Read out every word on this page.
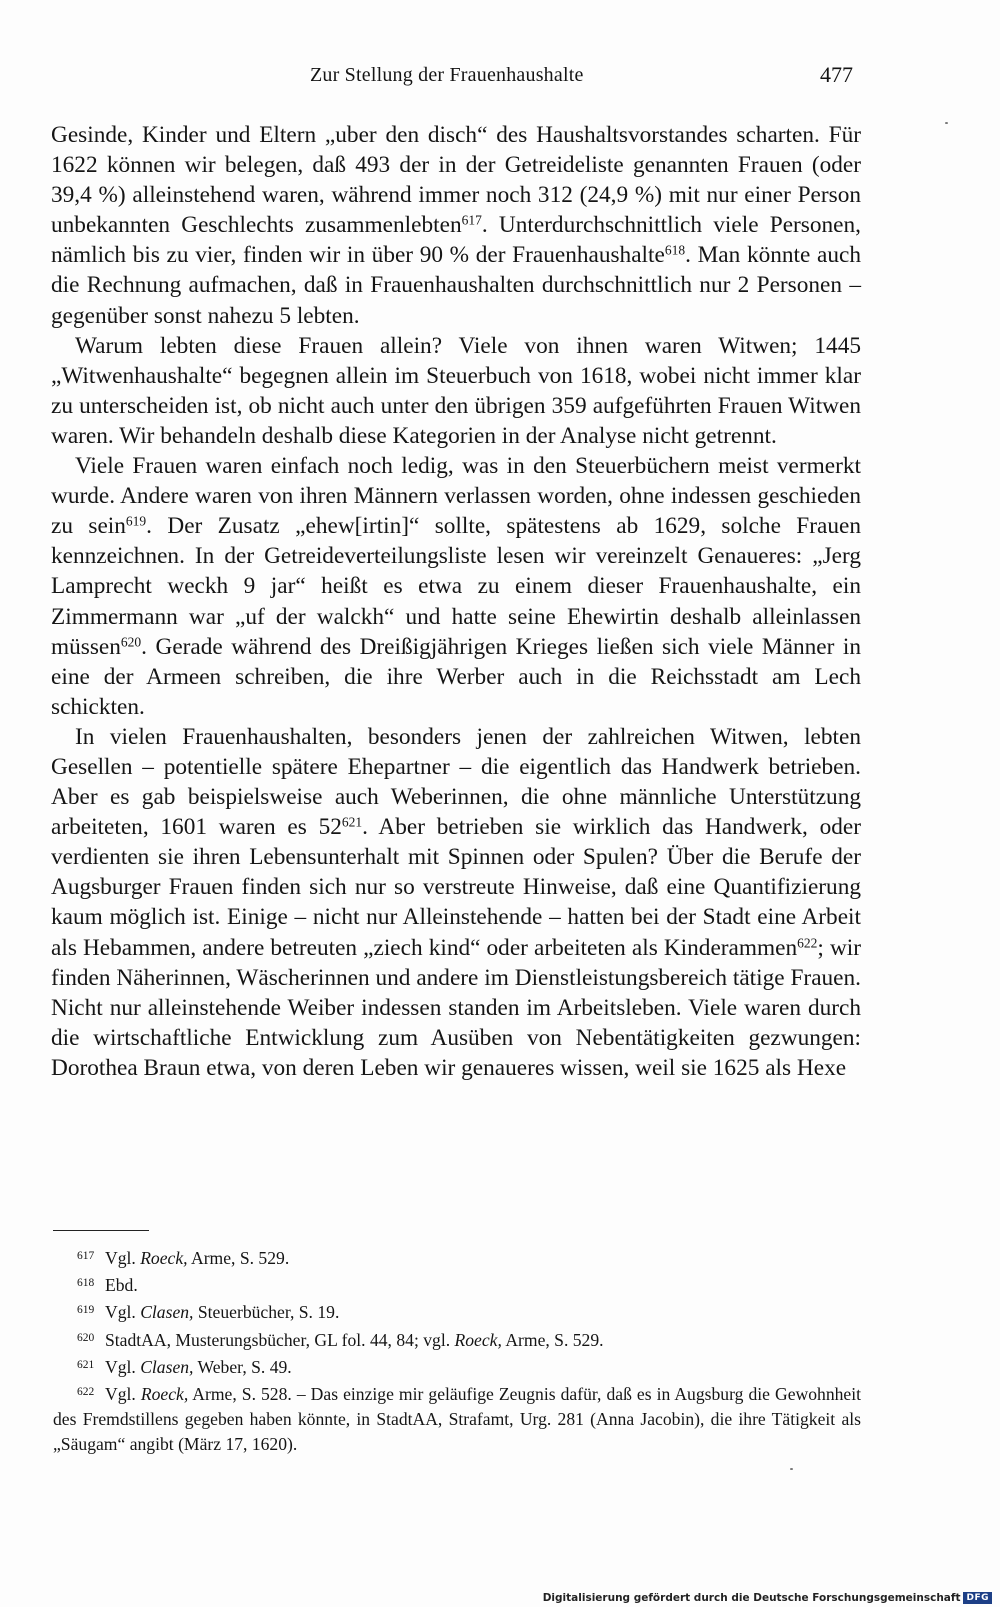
Zur Stellung der Frauenhaushalte	477

Gesinde, Kinder und Eltern „uber den disch“ des Haushaltsvorstandes scharten. Für 1622 können wir belegen, daß 493 der in der Getreideliste genannten Frauen (oder 39,4 %) alleinstehend waren, während immer noch 312 (24,9 %) mit nur einer Person unbekannten Geschlechts zusammenlebten$^{617}$. Unterdurchschnittlich viele Personen, nämlich bis zu vier, finden wir in über 90 % der Frauenhaushalte$^{618}$. Man könnte auch die Rechnung aufmachen, daß in Frauenhaushalten durchschnittlich nur 2 Personen – gegenüber sonst nahezu 5 lebten.

Warum lebten diese Frauen allein? Viele von ihnen waren Witwen; 1445 „Witwenhaushalte“ begegnen allein im Steuerbuch von 1618, wobei nicht immer klar zu unterscheiden ist, ob nicht auch unter den übrigen 359 aufgeführten Frauen Witwen waren. Wir behandeln deshalb diese Kategorien in der Analyse nicht getrennt.

Viele Frauen waren einfach noch ledig, was in den Steuerbüchern meist vermerkt wurde. Andere waren von ihren Männern verlassen worden, ohne indessen geschieden zu sein$^{619}$. Der Zusatz „ehew[irtin]“ sollte, spätestens ab 1629, solche Frauen kennzeichnen. In der Getreideverteilungsliste lesen wir vereinzelt Genaueres: „Jerg Lamprecht weckh 9 jar“ heißt es etwa zu einem dieser Frauenhaushalte, ein Zimmermann war „uf der walckh“ und hatte seine Ehewirtin deshalb alleinlassen müssen$^{620}$. Gerade während des Dreißigjährigen Krieges ließen sich viele Männer in eine der Armeen schreiben, die ihre Werber auch in die Reichsstadt am Lech schickten.

In vielen Frauenhaushalten, besonders jenen der zahlreichen Witwen, lebten Gesellen – potentielle spätere Ehepartner – die eigentlich das Handwerk betrieben. Aber es gab beispielsweise auch Weberinnen, die ohne männliche Unterstützung arbeiteten, 1601 waren es $52^{621}$. Aber betrieben sie wirklich das Handwerk, oder verdienten sie ihren Lebensunterhalt mit Spinnen oder Spulen? Über die Berufe der Augsburger Frauen finden sich nur so verstreute Hinweise, daß eine Quantifizierung kaum möglich ist. Einige – nicht nur Alleinstehende – hatten bei der Stadt eine Arbeit als Hebammen, andere betreuten „ziech kind“ oder arbeiteten als Kinderammen$^{622}$; wir finden Näherinnen, Wäscherinnen und andere im Dienstleistungsbereich tätige Frauen. Nicht nur alleinstehende Weiber indessen standen im Arbeitsleben. Viele waren durch die wirtschaftliche Entwicklung zum Ausüben von Nebentätigkeiten gezwungen: Dorothea Braun etwa, von deren Leben wir genaueres wissen, weil sie 1625 als Hexe

617 Vgl. Roeck, Arme, S. 529.

618 Ebd.

619 Vgl. Clasen, Steuerbücher, S. 19.

620 StadtAA, Musterungsbücher, GL fol. 44, 84; vgl. Roeck, Arme, S. 529.

621 Vgl. Clasen, Weber, S. 49.

622 Vgl. Roeck, Arme, S. 528. – Das einzige mir geläufige Zeugnis dafür, daß es in Augsburg die Gewohnheit des Fremdstillens gegeben haben könnte, in StadtAA, Strafamt, Urg. 281 (Anna Jacobin), die ihre Tätigkeit als „Säugam“ angibt (März 17, 1620).

Digitalisierung gefördert durch die Deutsche Forschungsgemeinschaft DFG
